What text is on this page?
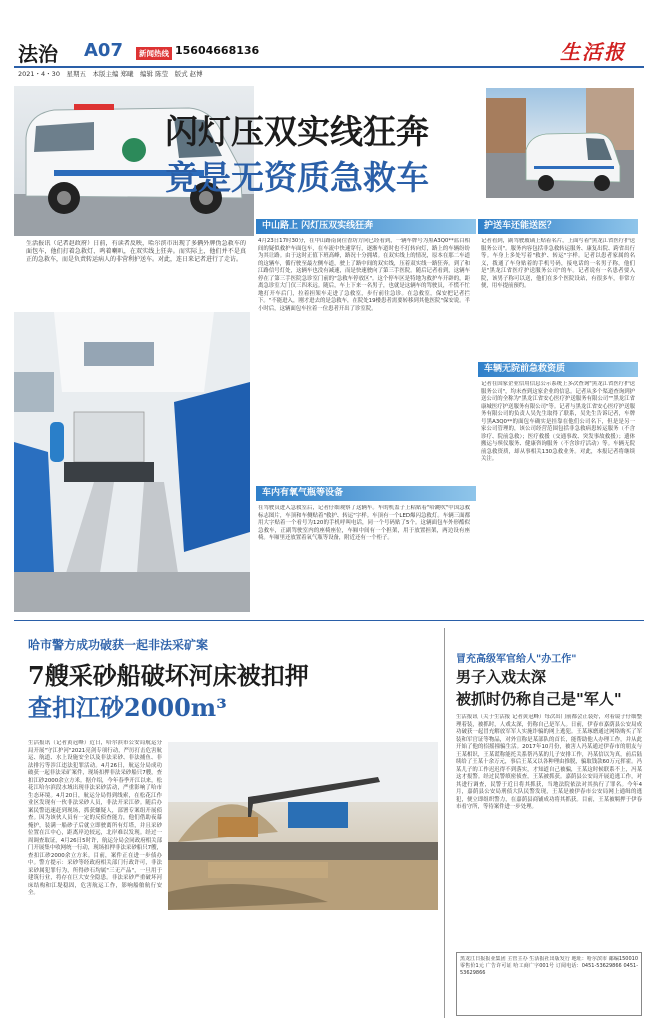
法治 A07	新闻热线 15604668136	生活报
2021・4・30　星期五　本版主编 郑曦　编辑 陈莹　版式 赵博
闪灯压双实线狂奔
竟是无资质急救车
生活报讯（记者赵政府）日前，有读者反映，哈尔滨市出现了多辆外牌伪急救车的面包车，他们打着急救灯、鸣着喇叭，在双实线上狂奔。而实际上，他们并不是真正的急救车，而是负责转运病人的非营利护送车。对此，连日来记者进行了走访。
中山路上 闪灯压双实线狂奔
4月23日17时30分，在中山路南岗往香坊方向已经看到，一辆车牌号为黑A3Q0**蓝白相间的疑似救护车面包车，在车流中快速穿行，逐渐车道时也不打转向灯，路上的车辆纷纷为其让路。由于这时正值下班高峰，路况十分拥堵。在双实线上的情况，原本在那二车道的这辆车，循行驶至最左侧车道，驶上了路中间的双实线，压着双实线一路狂奔。到了和江路信号灯处，这辆车也没有减速，而是快速驶向了第三手医院。随后记者看到，这辆车停在了第三手医院急诊室门前的"急救车停放区"。这个停车区是特地为救护车开辟的，距离急诊室大门仅三四米远。随后，车上下来一名男子，也就是这辆车的驾驶员，不慌不忙地打开车后门，拉着担架车走进了急救室，步行前往急诊。在急救室，保安把记者拦下。"不能进入，刚才进去的是急救车，在院处19楼患者需要转移到其他医院"保安说。半小时后，这辆面包车拉着一位患者开出了诊室院。
车内有氧气瓶等设备
在驾驶员进入急救室后，记者仔细观察了这辆车。车的机盖子上粘贴着"哈跳吹"中国急救标志图片，车顶和车侧贴着"救护、转运"字样。车顶有一个LED爆闪急救灯。车辆三面都用大字贴着一个看号为120的手机呼叫电话，同一个号码贴了5个。这辆面包车外形酷似急救车，正副驾驶室内的座椅座位，车厢中间有一个担架，用于放置担架，两边设有座椅。车厢里还放置着氧气瓶等设备，附近还有一个柜子。
护送车还能送医？
记者看到，副驾驶玻璃上贴着名片，上面写着"黑龙江省医疗护送服务公司"。服务内容包括非急救转运服务、康复出院、跨省出行等。车身上多处写着"救护、转运"字样。记者以患者家属的名义，拨通了车身贴着的手机号码，接电话的一名男子称，他们是"黑龙江省医疗护送服务公司"的车。记者说有一名患者要入院，该男子称可以送，他们在多个医院设站，有很多车，非常方便，用车提前预约。
车辆无院前急救资质
记者在国家企业信用信息公示系统上多次查询"黑龙江省医疗护送服务公司"，均未查到这家企业的信息。记者从多个渠道查询到护送公司的全称为"黑龙江省安心医疗护送服务有限公司""黑龙江省康城医疗护送服务有限公司"等。记者与黑龙江省安心医疗护送服务有限公司的负责人吴先生取得了联系，吴先生告诉记者，车牌号黑A3Q0**的面包车确实是挂靠在他们公司名下，但是是另一家公司管理的，该公司经营范围包括非急救病患转运服务（不含诊疗、院前急救）；医疗救援（交通事故、突发事故救援）；遗体搬运与殡仪服务、健康咨询服务（不含诊疗活动）等。车辆无院前急救资质，却从事相关130急救业务。对此，本报记者将继续关注。
哈市警方成功破获一起非法采矿案
7艘采砂船破坏河床被扣押
查扣江砂2000m³
生活报讯（记者黄冠峰）近日，哈尔滨市公安局航运分局开展"守江护河"2021亮剑专项行动，严厉打击危害航运、航道、水上设施安全以及非法采砂、非法捕鱼、非法排污等涉江违法犯罪活动。4月26日，航运分局成功破获一起非法采矿案件，现场扣押非法采砂船只7艘，查扣江砂2000余立方米。据介绍，今年春季开江以来，松花江哈尔滨段水域出现非法采砂活动，严重影响了哈市生态环境。4月20日，航运分局得到线索，在松花江作业区发现有一伙非法采砂人员，非法开采江砂。随后办案民警迅速赶到现场，抓获嫌疑人，部署专案组开展侦查。因为该伙人员有一定的反侦查能力，他们借助夜幕掩护，装满一船砂子后就立即驶离所有灯塔，并且采砂位置在江中心，距离岸边较远，北岸难以发现。经过一周调查取证，4月26日5时许，航运分局会同政府相关部门开展集中收网统一行动，现场扣押非法采砂船只7艘，查扣江砂2000余立方米。目前，案件正在进一步侦办中。警方提示：采砂等经政府相关部门行政许可，非法采砂属犯罪行为，所得砂石均属"三无产品"，一旦用于建筑行业，将存在巨大安全隐患。非法采砂严重破坏河床结构和江堤稳固，危害航运工作，影响船舶航行安全。
冒充高级军官给人"办工作"
男子入戏太深
被抓时仍称自己是"军人"
生活报讯（关于生活报 记者黄冠峰）每次出门前都会正装好，对着镜子仔细整理着装，被抓时，人戏太深，仍称自己是军人。日前，伊春市嘉荫县公安局成功破获一起冒充解放军军人实施诈骗的网上逃犯。王某琢磨通过网络购买了军装和军官证等物品，对外宣称是某部队的首长，能帮助他人办理工作，并从此开始了他的招摇撞骗生活。2017年10月份，被害人冯某通过伊春市的朋友与王某相识，王某谎称能托关系帮冯某的儿子安排工作，冯某信以为真，前后陆续给了王某十余万元，事后王某又以各种理由推脱，骗取钱款60万元挥霍。冯某儿子的工作迟迟得不到落实，才知道自己被骗，王某这时候联系不上，冯某这才报警。经过民警缜密侦查，王某被抓获。嘉荫县公安局开展追逃工作，对其进行调查，民警于近日将其抓获，当地法院依法对其执行了罪名。今年4月，嘉荫县公安局刑侦大队民警发现，王某是被伊春市公安局网上通缉的逃犯，便立即组织警力，在嘉荫县商铺成功将其抓获。目前，王某被羁押于伊春市看守所，等待案件进一步处理。
黑龙江日报报业集团 主管主办 生活报社出版发行 地址：哈尔滨市 邮编150010 零售价1元 广告许可证 哈工商广字001号 订阅电话：0451-53629866 0451-53629866
